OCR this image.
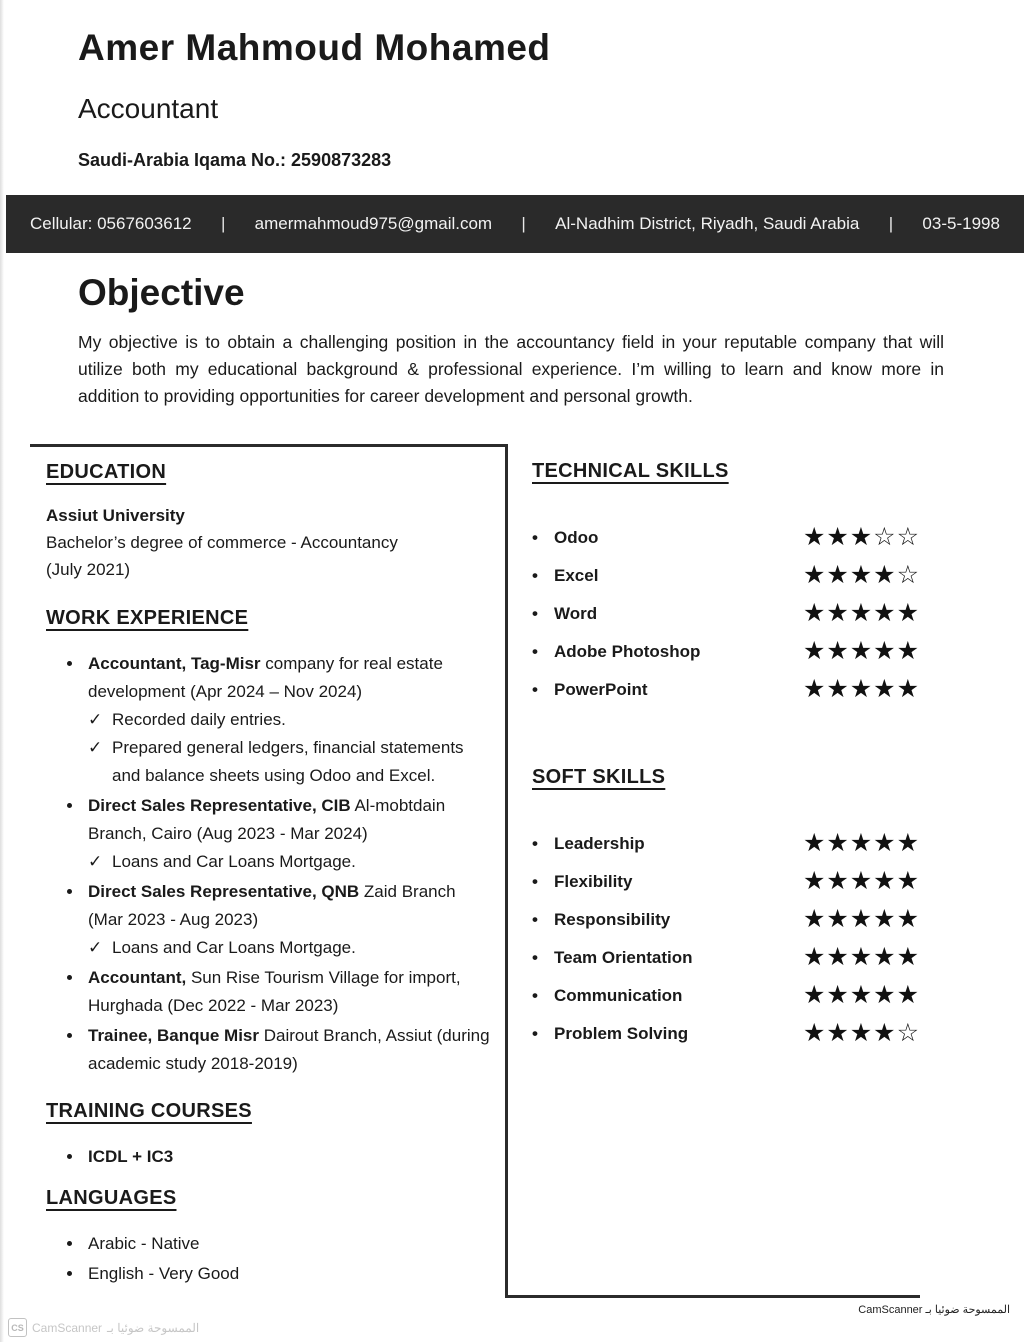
Amer Mahmoud Mohamed
Accountant
Saudi-Arabia Iqama No.: 2590873283
Cellular: 0567603612 | amermahmoud975@gmail.com | Al-Nadhim District, Riyadh, Saudi Arabia | 03-5-1998
Objective

My objective is to obtain a challenging position in the accountancy field in your reputable company that will utilize both my educational background & professional experience. I’m willing to learn and know more in addition to providing opportunities for career development and personal growth.

EDUCATION
Assiut University
Bachelor’s degree of commerce - Accountancy
(July 2021)
WORK EXPERIENCE
• Accountant, Tag-Misr company for real estate development (Apr 2024 – Nov 2024)
✓ Recorded daily entries.
✓ Prepared general ledgers, financial statements and balance sheets using Odoo and Excel.
• Direct Sales Representative, CIB Al-mobtdain Branch, Cairo (Aug 2023 - Mar 2024)
✓ Loans and Car Loans Mortgage.
• Direct Sales Representative, QNB Zaid Branch (Mar 2023 - Aug 2023)
✓ Loans and Car Loans Mortgage.
• Accountant, Sun Rise Tourism Village for import, Hurghada (Dec 2022 - Mar 2023)
• Trainee, Banque Misr Dairout Branch, Assiut (during academic study 2018-2019)
TRAINING COURSES
• ICDL + IC3
LANGUAGES
• Arabic - Native
• English - Very Good
TECHNICAL SKILLS
• Odoo	★★★☆☆
• Excel	★★★★☆
• Word	★★★★★
• Adobe Photoshop	★★★★★
• PowerPoint	★★★★★
SOFT SKILLS
• Leadership	★★★★★
• Flexibility	★★★★★
• Responsibility	★★★★★
• Team Orientation	★★★★★
• Communication	★★★★★
• Problem Solving	★★★★☆
الممسوحة ضوئيا بـ CamScanner
CS CamScanner الممسوحة ضوئيا بـ
